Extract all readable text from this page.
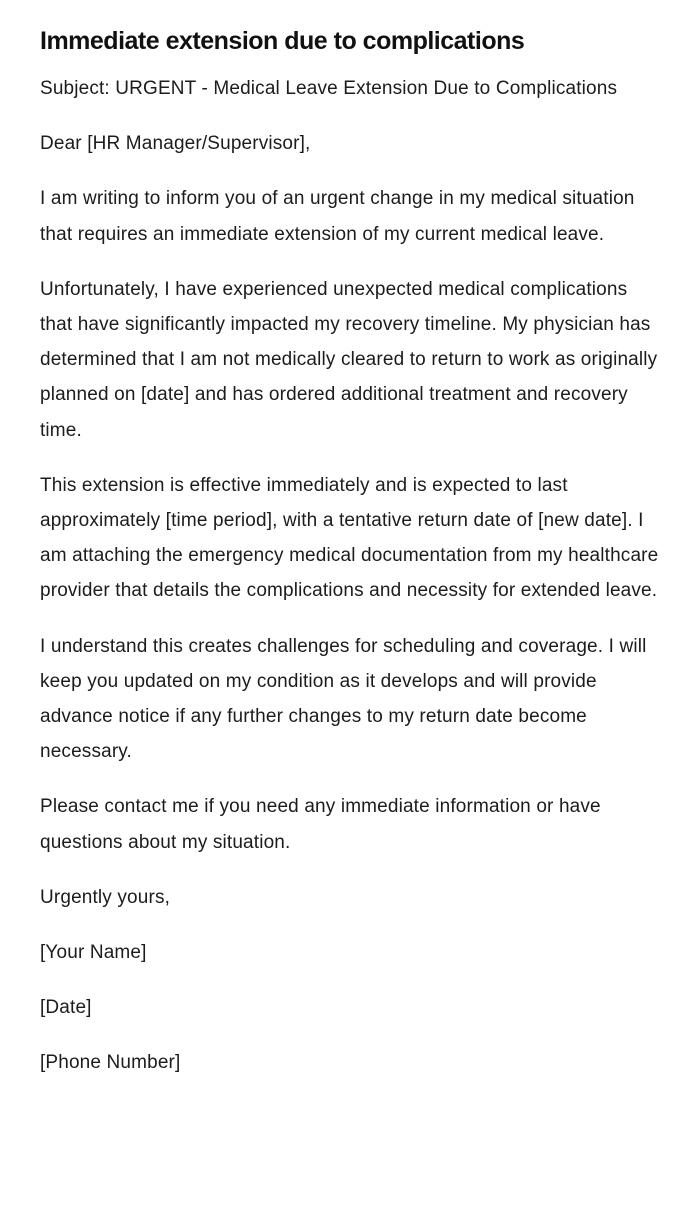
Immediate extension due to complications

Subject: URGENT - Medical Leave Extension Due to Complications

Dear [HR Manager/Supervisor],

I am writing to inform you of an urgent change in my medical situation that requires an immediate extension of my current medical leave.

Unfortunately, I have experienced unexpected medical complications that have significantly impacted my recovery timeline. My physician has determined that I am not medically cleared to return to work as originally planned on [date] and has ordered additional treatment and recovery time.

This extension is effective immediately and is expected to last approximately [time period], with a tentative return date of [new date]. I am attaching the emergency medical documentation from my healthcare provider that details the complications and necessity for extended leave.

I understand this creates challenges for scheduling and coverage. I will keep you updated on my condition as it develops and will provide advance notice if any further changes to my return date become necessary.

Please contact me if you need any immediate information or have questions about my situation.

Urgently yours,

[Your Name]

[Date]

[Phone Number]
